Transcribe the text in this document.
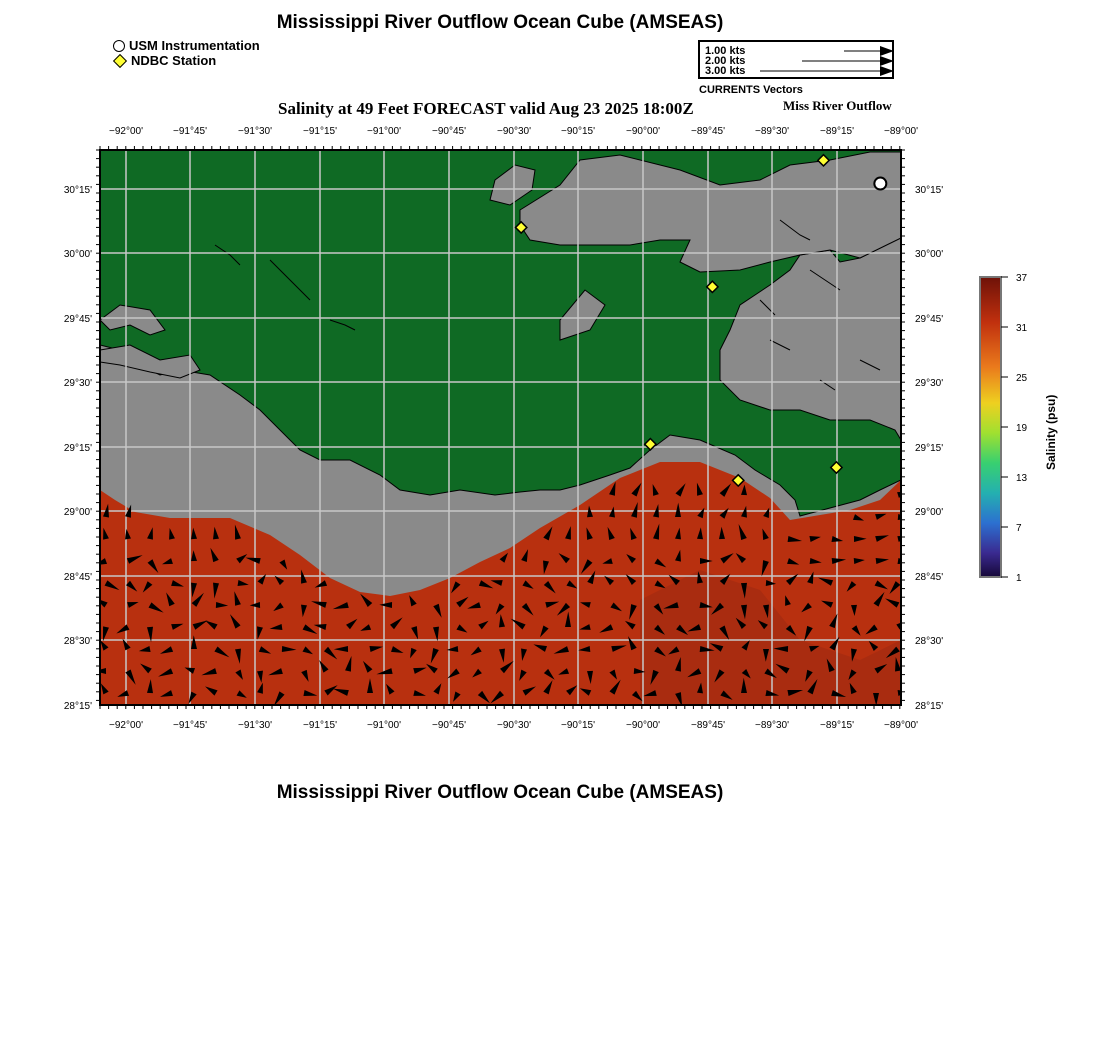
Mississippi River Outflow Ocean Cube (AMSEAS)
USM Instrumentation
NDBC Station
1.00 kts
2.00 kts
3.00 kts
CURRENTS Vectors
Salinity at 49 Feet FORECAST valid Aug 23 2025 18:00Z	Miss River Outflow
−92°00'	−91°45'	−91°30'	−91°15'	−91°00'	−90°45'	−90°30'	−90°15'	−90°00'	−89°45'	−89°30'	−89°15'	−89°00'
−92°00'	−91°45'	−91°30'	−91°15'	−91°00'	−90°45'	−90°30'	−90°15'	−90°00'	−89°45'	−89°30'	−89°15'	−89°00'
30°15'
30°00'
29°45'
29°30'
29°15'
29°00'
28°45'
28°30'
28°15'
30°15'
30°00'
29°45'
29°30'
29°15'
29°00'
28°45'
28°30'
28°15'
37
31
25
19
13
7
1
Salinity (psu)
Mississippi River Outflow Ocean Cube (AMSEAS)
